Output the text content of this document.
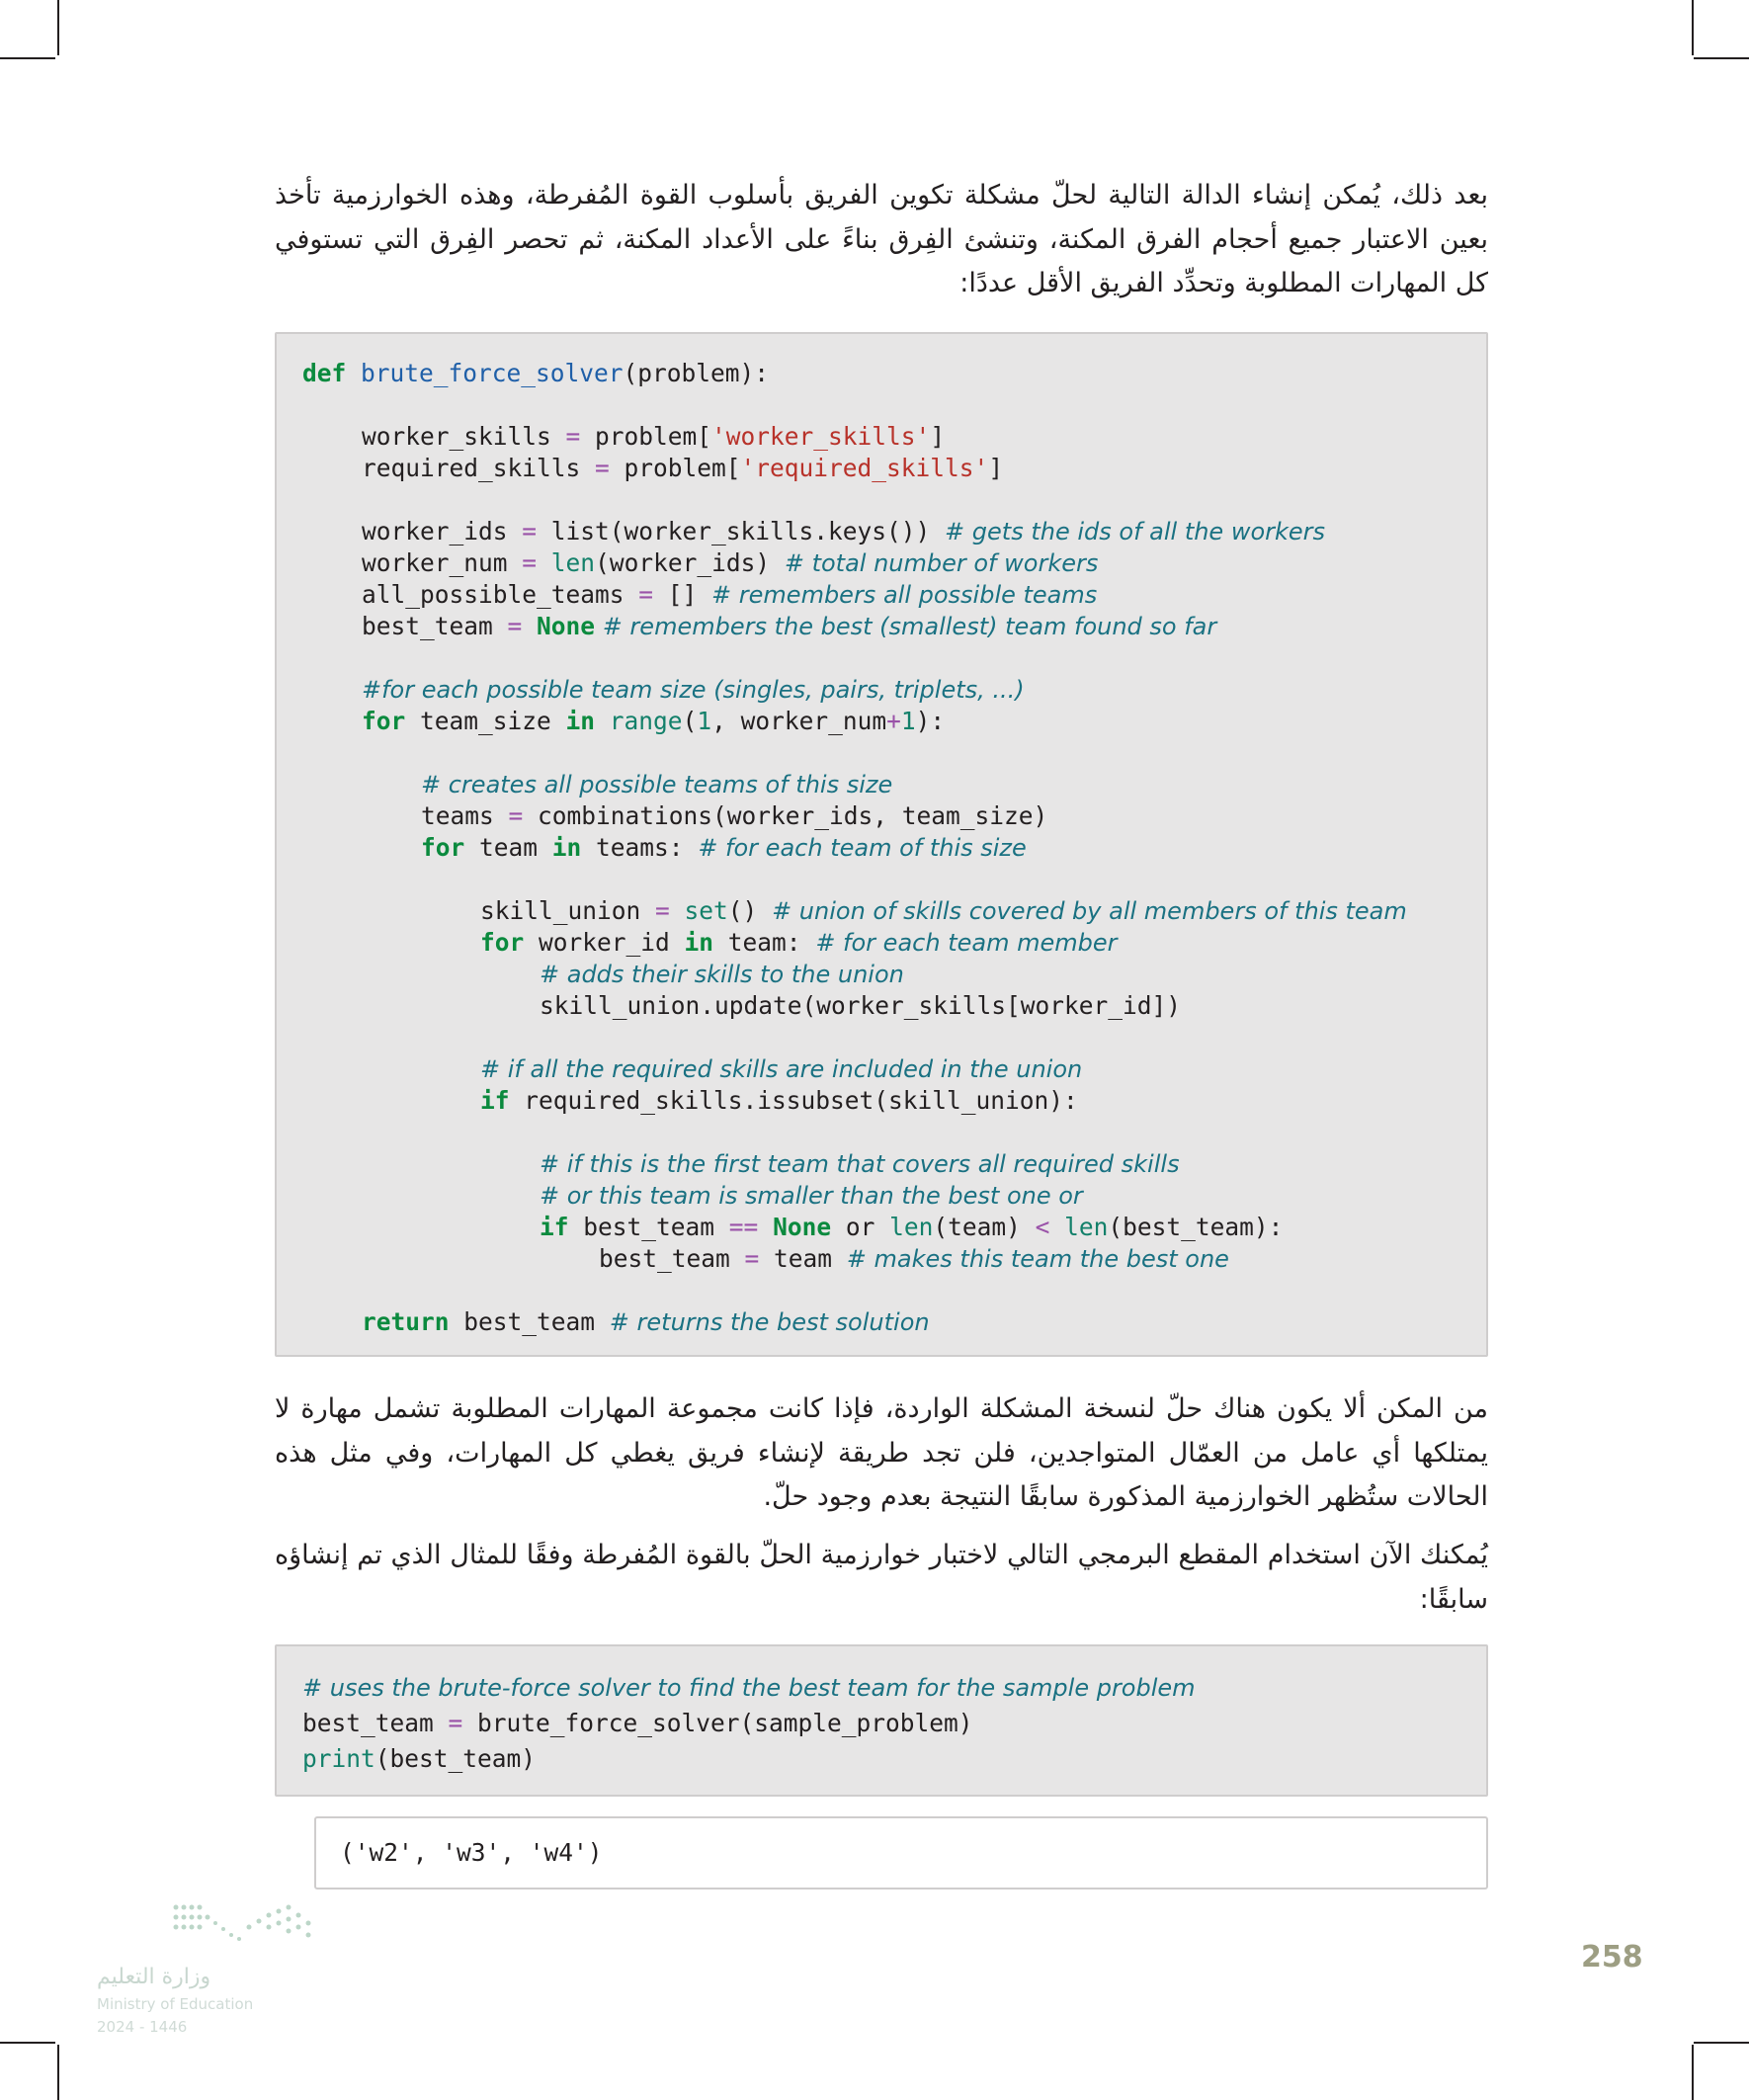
بعد ذلك، يُمكن إنشاء الدالة التالية لحلّ مشكلة تكوين الفريق بأسلوب القوة المُفرطة، وهذه الخوارزمية تأخذ بعين الاعتبار جميع أحجام الفرق المكنة، وتنشئ الفِرق بناءً على الأعداد المكنة، ثم تحصر الفِرق التي تستوفي كل المهارات المطلوبة وتحدِّد الفريق الأقل عددًا:

def brute_force_solver(problem):
worker_skills = problem['worker_skills']
required_skills = problem['required_skills']
worker_ids = list(worker_skills.keys()) # gets the ids of all the workers
worker_num = len(worker_ids) # total number of workers
all_possible_teams = [] # remembers all possible teams
best_team = None # remembers the best (smallest) team found so far
#for each possible team size (singles, pairs, triplets, ...)
for team_size in range(1, worker_num+1):
# creates all possible teams of this size
teams = combinations(worker_ids, team_size)
for team in teams: # for each team of this size
skill_union = set() # union of skills covered by all members of this team
for worker_id in team: # for each team member
# adds their skills to the union
skill_union.update(worker_skills[worker_id])
# if all the required skills are included in the union
if required_skills.issubset(skill_union):
# if this is the first team that covers all required skills
# or this team is smaller than the best one or
if best_team == None or len(team) < len(best_team):
best_team = team # makes this team the best one
return best_team # returns the best solution

من المكن ألا يكون هناك حلّ لنسخة المشكلة الواردة، فإذا كانت مجموعة المهارات المطلوبة تشمل مهارة لا يمتلكها أي عامل من العمّال المتواجدين، فلن تجد طريقة لإنشاء فريق يغطي كل المهارات، وفي مثل هذه الحالات ستُظهر الخوارزمية المذكورة سابقًا النتيجة بعدم وجود حلّ.

يُمكنك الآن استخدام المقطع البرمجي التالي لاختبار خوارزمية الحلّ بالقوة المُفرطة وفقًا للمثال الذي تم إنشاؤه سابقًا:

# uses the brute-force solver to find the best team for the sample problem
best_team = brute_force_solver(sample_problem)
print(best_team)
('w2', 'w3', 'w4')
وزارة التعليم
Ministry of Education
2024 - 1446
258
